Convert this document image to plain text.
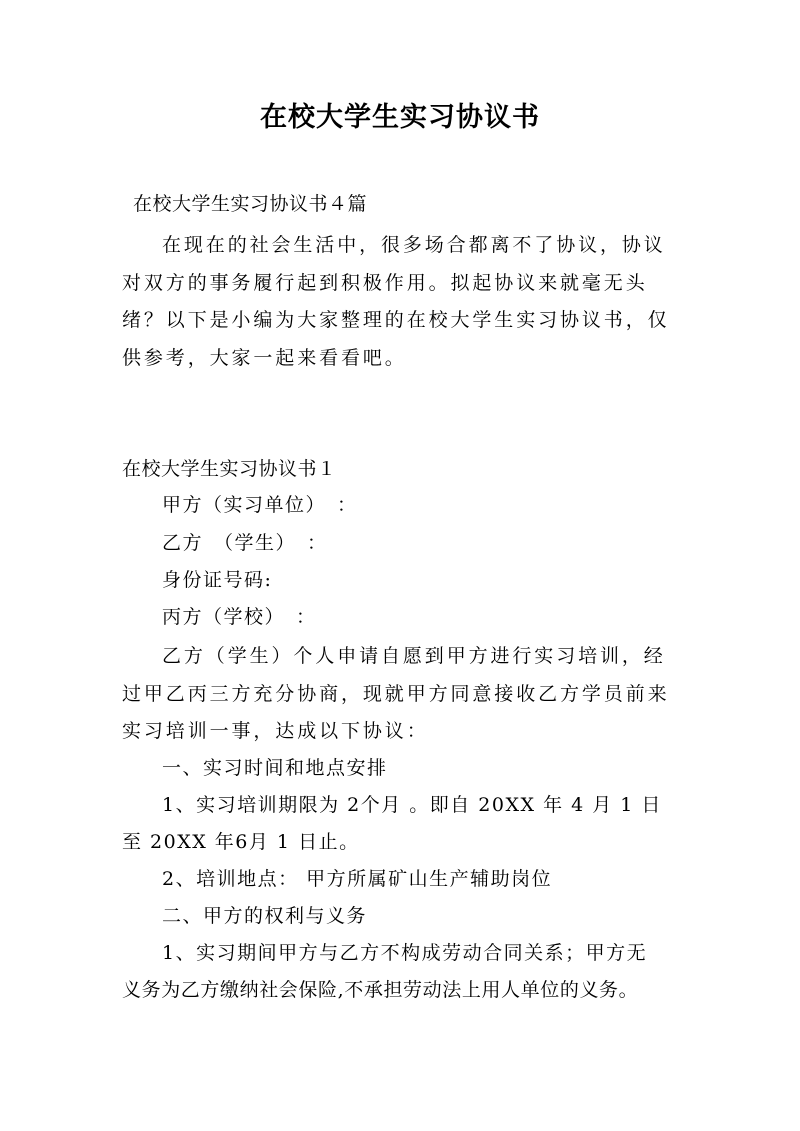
在校大学生实习协议书
在校大学生实习协议书４篇
在现在的社会生活中，很多场合都离不了协议，协议对双方的事务履行起到积极作用。拟起协议来就毫无头绪？以下是小编为大家整理的在校大学生实习协议书，仅供参考，大家一起来看看吧。
在校大学生实习协议书１
甲方（实习单位）　：
乙方　（学生）　：
身份证号码:
丙方（学校）　：
乙方（学生）个人申请自愿到甲方进行实习培训，经过甲乙丙三方充分协商，现就甲方同意接收乙方学员前来实习培训一事，达成以下协议：
一、实习时间和地点安排
1、实习培训期限为 2个月 。即自 20XX 年 4 月 1 日
至 20XX 年6月 1 日止。
2、培训地点： 甲方所属矿山生产辅助岗位
二、甲方的权利与义务
1、实习期间甲方与乙方不构成劳动合同关系；甲方无
义务为乙方缴纳社会保险,不承担劳动法上用人单位的义务。
